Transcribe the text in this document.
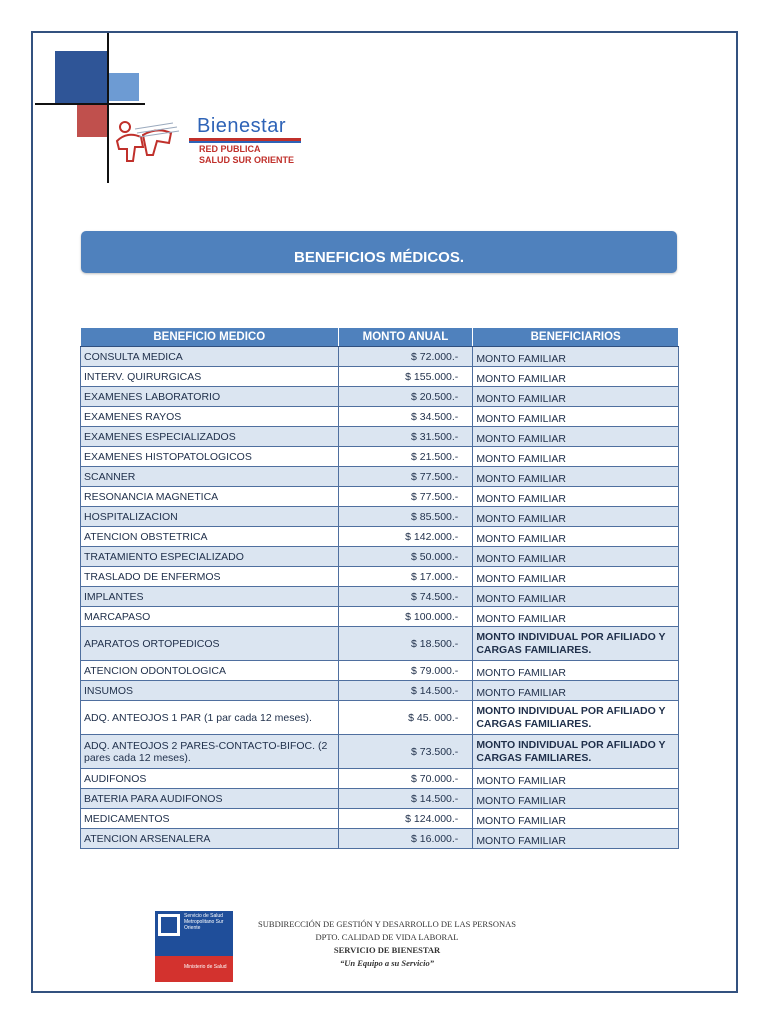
Bienestar
RED PUBLICA
SALUD SUR ORIENTE
BENEFICIOS MÉDICOS.
BENEFICIO MEDICO	MONTO ANUAL	BENEFICIARIOS
CONSULTA MEDICA	$ 72.000.-	MONTO FAMILIAR
INTERV. QUIRURGICAS	$ 155.000.-	MONTO FAMILIAR
EXAMENES LABORATORIO	$ 20.500.-	MONTO FAMILIAR
EXAMENES RAYOS	$ 34.500.-	MONTO FAMILIAR
EXAMENES ESPECIALIZADOS	$ 31.500.-	MONTO FAMILIAR
EXAMENES HISTOPATOLOGICOS	$ 21.500.-	MONTO FAMILIAR
SCANNER	$ 77.500.-	MONTO FAMILIAR
RESONANCIA MAGNETICA	$ 77.500.-	MONTO FAMILIAR
HOSPITALIZACION	$ 85.500.-	MONTO FAMILIAR
ATENCION OBSTETRICA	$ 142.000.-	MONTO FAMILIAR
TRATAMIENTO ESPECIALIZADO	$ 50.000.-	MONTO FAMILIAR
TRASLADO DE ENFERMOS	$ 17.000.-	MONTO FAMILIAR
IMPLANTES	$ 74.500.-	MONTO FAMILIAR
MARCAPASO	$ 100.000.-	MONTO FAMILIAR
APARATOS ORTOPEDICOS	$ 18.500.-	MONTO INDIVIDUAL POR AFILIADO Y CARGAS FAMILIARES.
ATENCION ODONTOLOGICA	$ 79.000.-	MONTO FAMILIAR
INSUMOS	$ 14.500.-	MONTO FAMILIAR
ADQ. ANTEOJOS 1 PAR (1 par cada 12 meses).	$ 45. 000.-	MONTO INDIVIDUAL POR AFILIADO Y CARGAS FAMILIARES.
ADQ. ANTEOJOS 2 PARES-CONTACTO-BIFOC. (2 pares cada 12 meses).	$ 73.500.-	MONTO INDIVIDUAL POR AFILIADO Y CARGAS FAMILIARES.
AUDIFONOS	$ 70.000.-	MONTO FAMILIAR
BATERIA PARA AUDIFONOS	$ 14.500.-	MONTO FAMILIAR
MEDICAMENTOS	$ 124.000.-	MONTO FAMILIAR
ATENCION ARSENALERA	$ 16.000.-	MONTO FAMILIAR
Servicio de Salud Metropolitano Sur Oriente
Ministerio de Salud
SUBDIRECCIÓN DE GESTIÓN Y DESARROLLO DE LAS PERSONAS
DPTO. CALIDAD DE VIDA LABORAL
SERVICIO DE BIENESTAR
“Un Equipo a su Servicio”
